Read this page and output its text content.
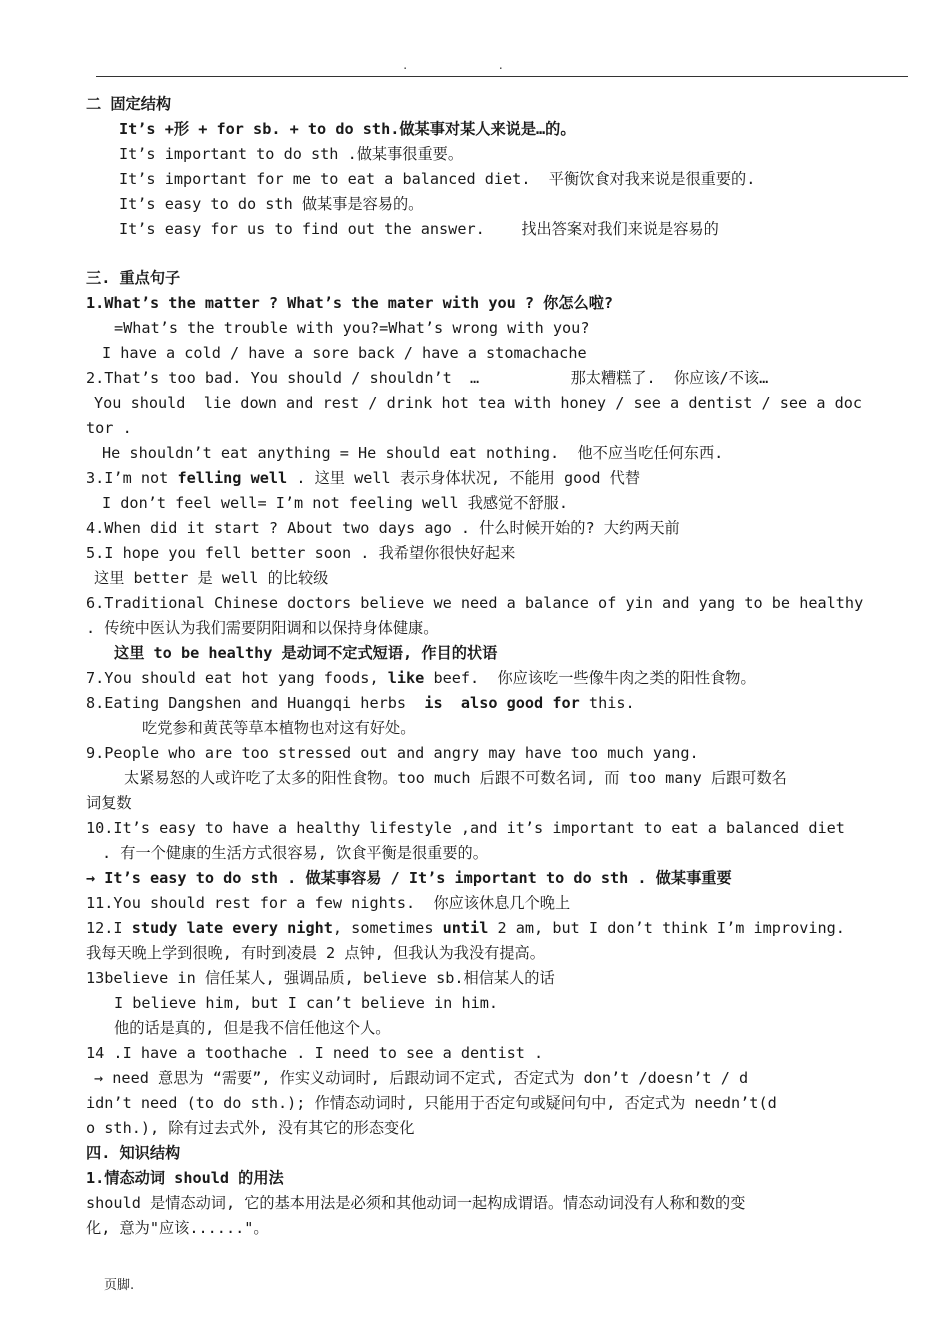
. .
二 固定结构
It’s +形 + for sb. + to do sth.做某事对某人来说是…的。
It’s important to do sth .做某事很重要。
It’s important for me to eat a balanced diet.  平衡饮食对我来说是很重要的.
It’s easy to do sth 做某事是容易的。
It’s easy for us to find out the answer.    找出答案对我们来说是容易的
三. 重点句子
1.What’s the matter ? What’s the mater with you ? 你怎么啦?
=What’s the trouble with you?=What’s wrong with you?
I have a cold / have a sore back / have a stomachache
2.That’s too bad. You should / shouldn’t  …          那太糟糕了.  你应该/不该…
You should  lie down and rest / drink hot tea with honey / see a dentist / see a doc
tor .
He shouldn’t eat anything = He should eat nothing.  他不应当吃任何东西.
3.I’m not felling well . 这里 well 表示身体状况, 不能用 good 代替
I don’t feel well= I’m not feeling well 我感觉不舒服.
4.When did it start ? About two days ago . 什么时候开始的? 大约两天前
5.I hope you fell better soon . 我希望你很快好起来
这里 better 是 well 的比较级
6.Traditional Chinese doctors believe we need a balance of yin and yang to be healthy
. 传统中医认为我们需要阴阳调和以保持身体健康。
这里 to be healthy 是动词不定式短语, 作目的状语
7.You should eat hot yang foods, like beef.  你应该吃一些像牛肉之类的阳性食物。
8.Eating Dangshen and Huangqi herbs  is  also good for this.
吃党参和黄芪等草本植物也对这有好处。
9.People who are too stressed out and angry may have too much yang.
太紧易怒的人或许吃了太多的阳性食物。too much 后跟不可数名词, 而 too many 后跟可数名
词复数
10.It’s easy to have a healthy lifestyle ,and it’s important to eat a balanced diet
. 有一个健康的生活方式很容易, 饮食平衡是很重要的。
→ It’s easy to do sth . 做某事容易 / It’s important to do sth . 做某事重要
11.You should rest for a few nights.  你应该休息几个晚上
12.I study late every night, sometimes until 2 am, but I don’t think I’m improving.
我每天晚上学到很晚, 有时到凌晨 2 点钟, 但我认为我没有提高。
13believe in 信任某人, 强调品质, believe sb.相信某人的话
I believe him, but I can’t believe in him.
他的话是真的, 但是我不信任他这个人。
14 .I have a toothache . I need to see a dentist .
→ need 意思为 “需要”, 作实义动词时, 后跟动词不定式, 否定式为 don’t /doesn’t / d
idn’t need (to do sth.); 作情态动词时, 只能用于否定句或疑问句中, 否定式为 needn’t(d
o sth.), 除有过去式外, 没有其它的形态变化
四. 知识结构
1.情态动词 should 的用法
should 是情态动词, 它的基本用法是必须和其他动词一起构成谓语。情态动词没有人称和数的变
化, 意为"应该......"。
页脚.
